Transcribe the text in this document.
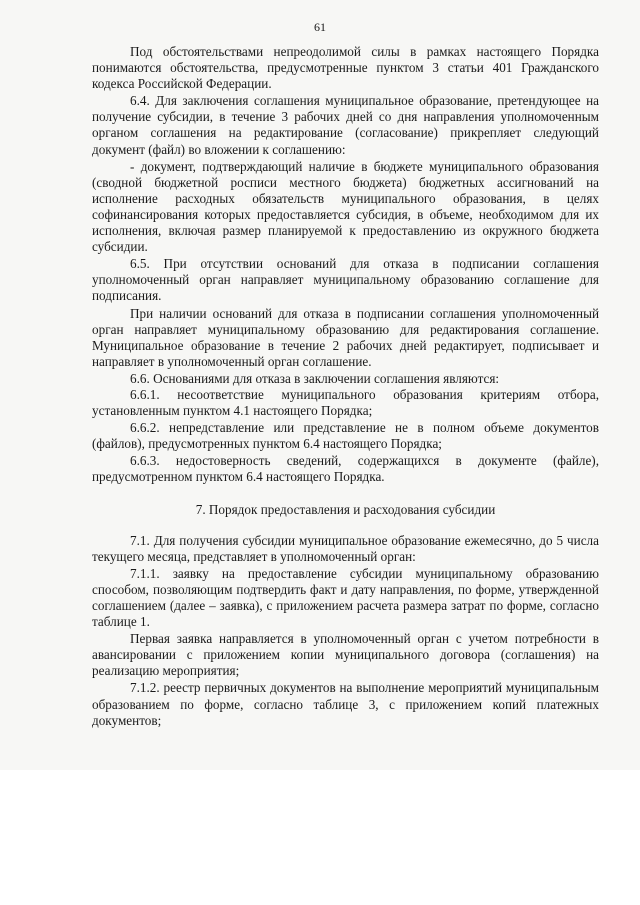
61

Под обстоятельствами непреодолимой силы в рамках настоящего Порядка понимаются обстоятельства, предусмотренные пунктом 3 статьи 401 Гражданского кодекса Российской Федерации.

6.4. Для заключения соглашения муниципальное образование, претендующее на получение субсидии, в течение 3 рабочих дней со дня направления уполномоченным органом соглашения на редактирование (согласование) прикрепляет следующий документ (файл) во вложении к соглашению:

- документ, подтверждающий наличие в бюджете муниципального образования (сводной бюджетной росписи местного бюджета) бюджетных ассигнований на исполнение расходных обязательств муниципального образования, в целях софинансирования которых предоставляется субсидия, в объеме, необходимом для их исполнения, включая размер планируемой к предоставлению из окружного бюджета субсидии.

6.5. При отсутствии оснований для отказа в подписании соглашения уполномоченный орган направляет муниципальному образованию соглашение для подписания.

При наличии оснований для отказа в подписании соглашения уполномоченный орган направляет муниципальному образованию для редактирования соглашение. Муниципальное образование в течение 2 рабочих дней редактирует, подписывает и направляет в уполномоченный орган соглашение.

6.6. Основаниями для отказа в заключении соглашения являются:

6.6.1. несоответствие муниципального образования критериям отбора, установленным пунктом 4.1 настоящего Порядка;

6.6.2. непредставление или представление не в полном объеме документов (файлов), предусмотренных пунктом 6.4 настоящего Порядка;

6.6.3. недостоверность сведений, содержащихся в документе (файле), предусмотренном пунктом 6.4 настоящего Порядка.

7. Порядок предоставления и расходования субсидии

7.1. Для получения субсидии муниципальное образование ежемесячно, до 5 числа текущего месяца, представляет в уполномоченный орган:

7.1.1. заявку на предоставление субсидии муниципальному образованию способом, позволяющим подтвердить факт и дату направления, по форме, утвержденной соглашением (далее – заявка), с приложением расчета размера затрат по форме, согласно таблице 1.

Первая заявка направляется в уполномоченный орган с учетом потребности в авансировании с приложением копии муниципального договора (соглашения) на реализацию мероприятия;

7.1.2. реестр первичных документов на выполнение мероприятий муниципальным образованием по форме, согласно таблице 3, с приложением копий платежных документов;
